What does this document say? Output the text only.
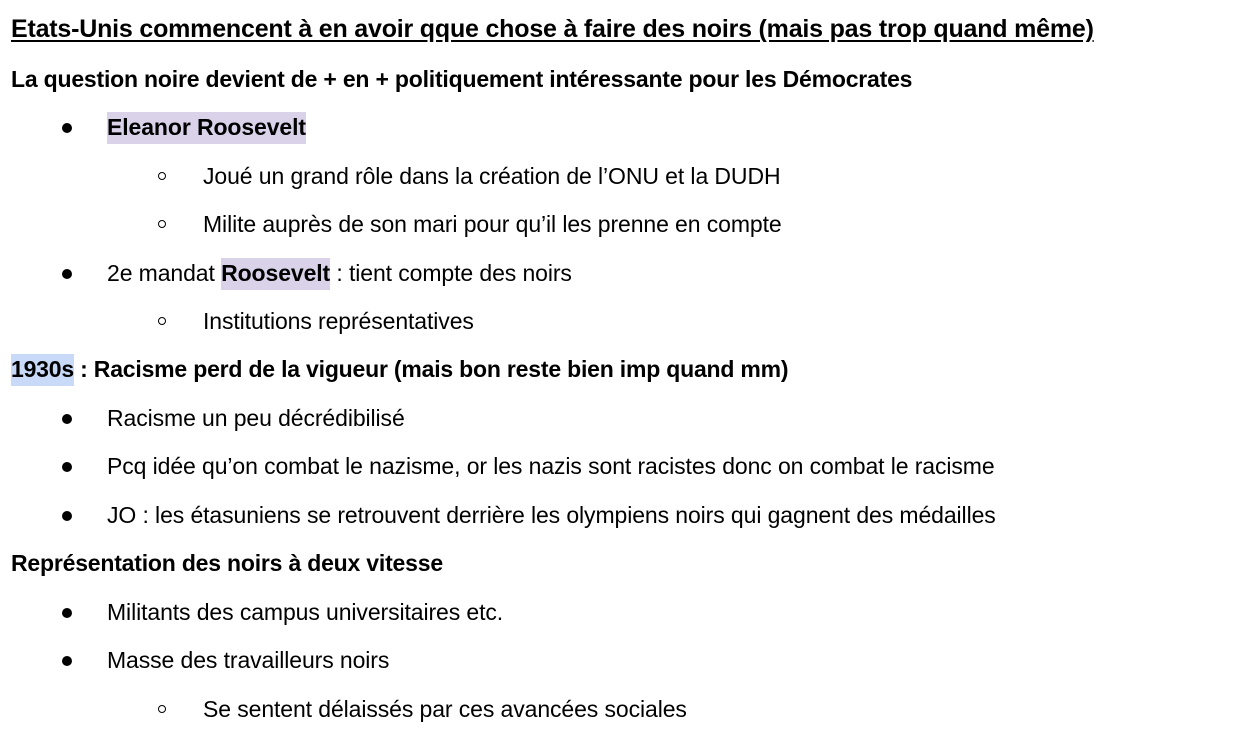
Etats-Unis commencent à en avoir qque chose à faire des noirs (mais pas trop quand même)
La question noire devient de + en + politiquement intéressante pour les Démocrates
Eleanor Roosevelt
Joué un grand rôle dans la création de l’ONU et la DUDH
Milite auprès de son mari pour qu’il les prenne en compte
2e mandat Roosevelt : tient compte des noirs
Institutions représentatives
1930s : Racisme perd de la vigueur (mais bon reste bien imp quand mm)
Racisme un peu décrédibilisé
Pcq idée qu’on combat le nazisme, or les nazis sont racistes donc on combat le racisme
JO : les étasuniens se retrouvent derrière les olympiens noirs qui gagnent des médailles
Représentation des noirs à deux vitesse
Militants des campus universitaires etc.
Masse des travailleurs noirs
Se sentent délaissés par ces avancées sociales
